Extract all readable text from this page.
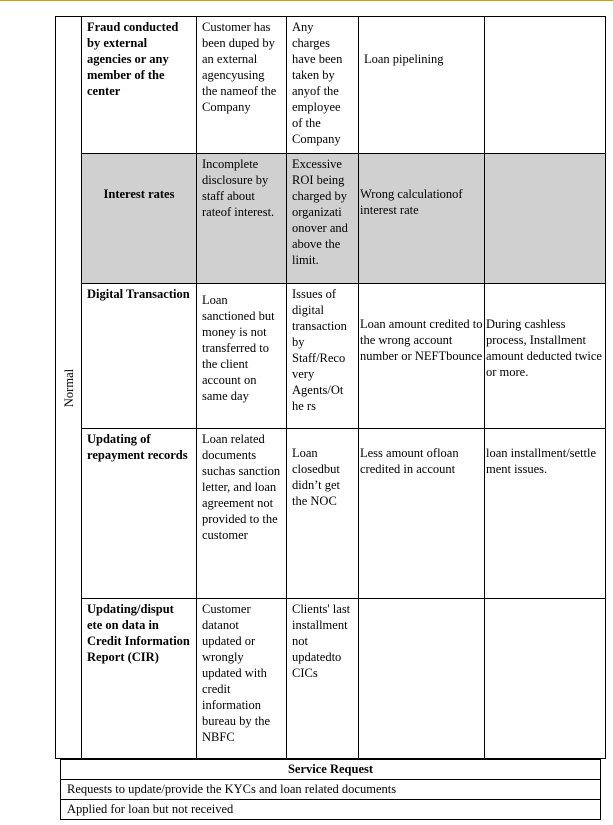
Normal	Fraud conducted by external agencies or any member of the center	Customer has been duped by an external agencyusing the nameof the Company	Any charges have been taken by anyof the employee of the Company	Loan pipelining	
	Interest rates	Incomplete disclosure by staff about rateof interest.	Excessive ROI being charged by organizati onover and above the limit.	Wrong calculationof interest rate	
	Digital Transaction	Loan sanctioned but money is not transferred to the client account on same day	Issues of digital transaction by Staff/Reco very Agents/Ot he rs	Loan amount credited to the wrong account number or NEFTbounce	During cashless process, Installment amount deducted twice or more.
	Updating of repayment records	Loan related documents suchas sanction letter, and loan agreement not provided to the customer	Loan closedbut didn’t get the NOC	Less amount ofloan credited in account	loan installment/settle ment issues.
	Updating/disput ete on data in Credit Information Report (CIR)	Customer datanot updated or wrongly updated with credit information bureau by the NBFC	Clients' last installment not updatedto CICs		
Service Request
Requests to update/provide the KYCs and loan related documents
Applied for loan but not received
